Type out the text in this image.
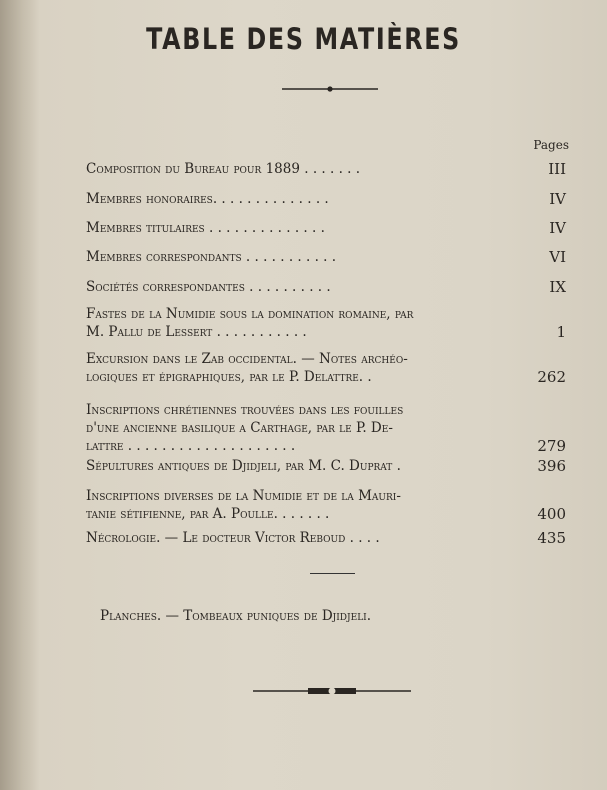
TABLE DES MATIÈRES
Pages
Composition du Bureau pour 1889 . . . . . . .	III
Membres honoraires. . . . . . . . . . . . . .	IV
Membres titulaires . . . . . . . . . . . . . .	IV
Membres correspondants . . . . . . . . . . .	VI
Sociétés correspondantes . . . . . . . . . .	IX
Fastes de la Numidie sous la domination romaine, par
M. Pallu de Lessert . . . . . . . . . . .	1
Excursion dans le Zab occidental. — Notes archéo-
logiques et épigraphiques, par le P. Delattre. .	262
Inscriptions chrétiennes trouvées dans les fouilles
d'une ancienne basilique a Carthage, par le P. De-
lattre . . . . . . . . . . . . . . . . . . . .	279
Sépultures antiques de Djidjeli, par M. C. Duprat .	396
Inscriptions diverses de la Numidie et de la Mauri-
tanie sétifienne, par A. Poulle. . . . . . .	400
Nécrologie. — Le docteur Victor Reboud . . . .	435
Planches. — Tombeaux puniques de Djidjeli.
